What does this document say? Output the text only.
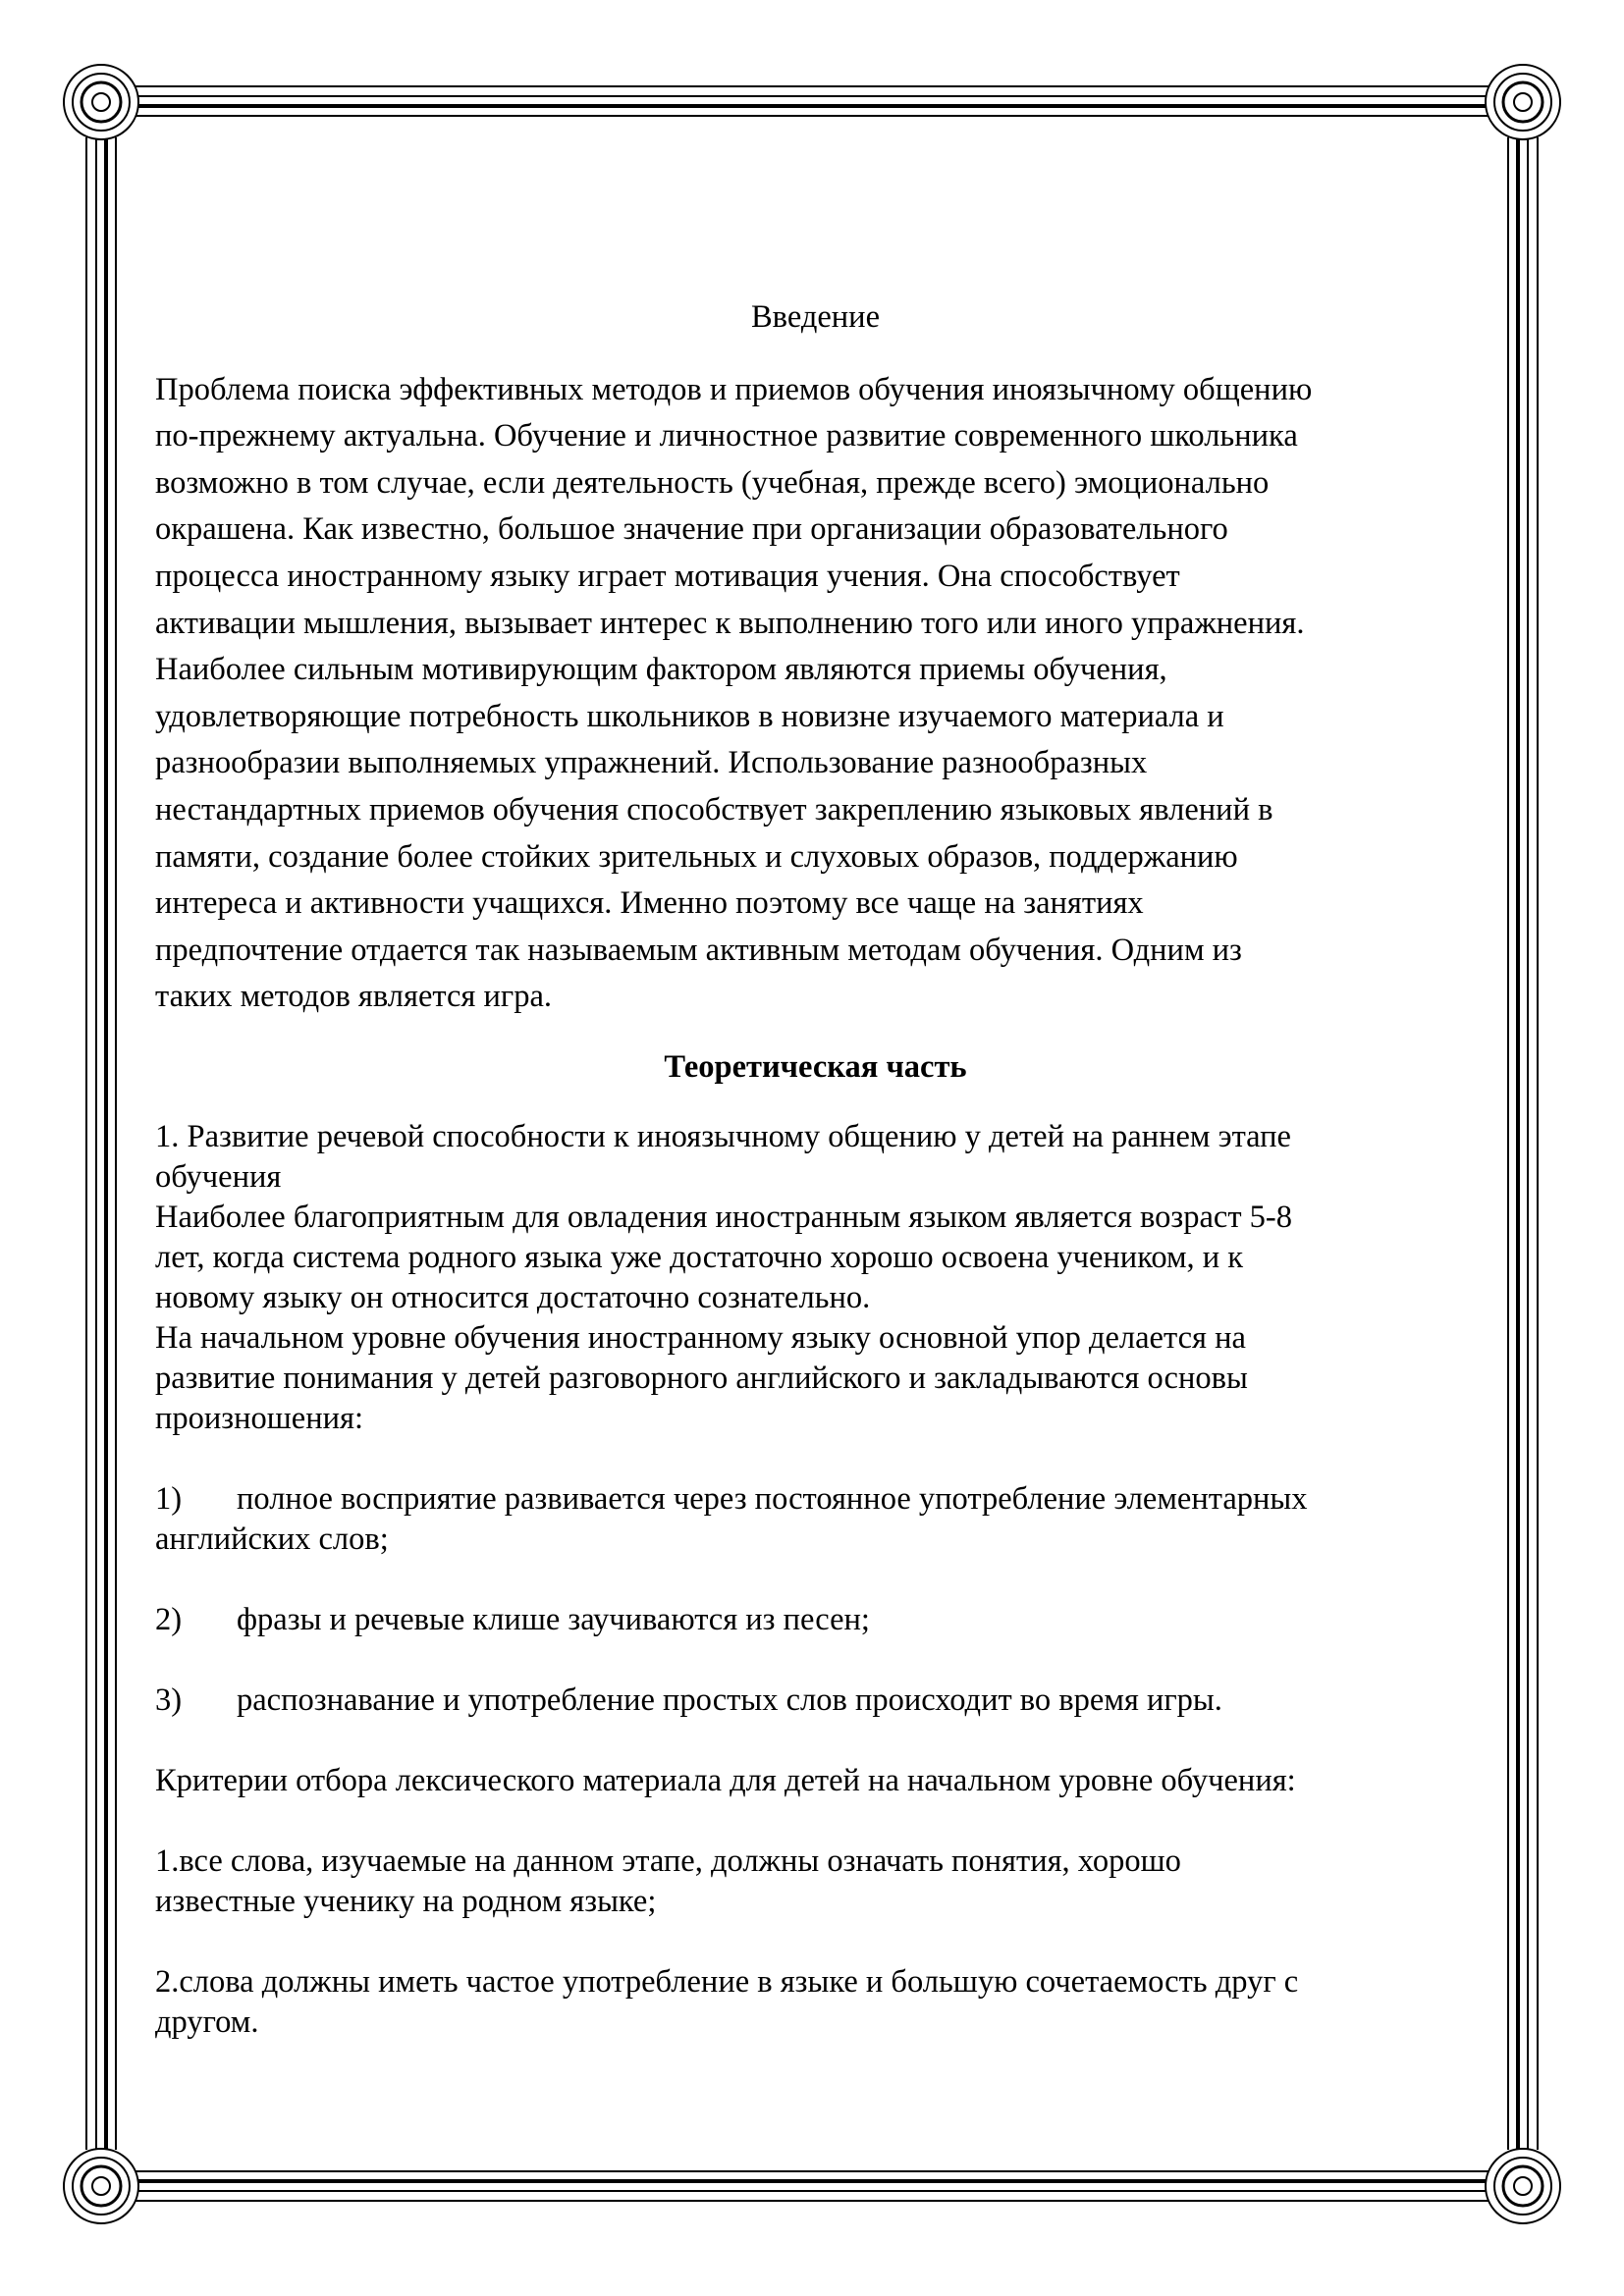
Введение

Проблема поиска эффективных методов и приемов обучения иноязычному общению
по-прежнему актуальна. Обучение и личностное развитие современного школьника
возможно в том случае, если деятельность (учебная, прежде всего) эмоционально
окрашена. Как известно, большое значение при организации образовательного
процесса иностранному языку играет мотивация учения. Она способствует
активации мышления, вызывает интерес к выполнению того или иного упражнения.
Наиболее сильным мотивирующим фактором являются приемы обучения,
удовлетворяющие потребность школьников в новизне изучаемого материала и
разнообразии выполняемых упражнений. Использование разнообразных
нестандартных приемов обучения способствует закреплению языковых явлений в
памяти, создание более стойких зрительных и слуховых образов, поддержанию
интереса и активности учащихся. Именно поэтому все чаще на занятиях
предпочтение отдается так называемым активным методам обучения. Одним из
таких методов является игра.

Теоретическая часть

1. Развитие речевой способности к иноязычному общению у детей на раннем этапе
обучения
Наиболее благоприятным для овладения иностранным языком является возраст 5-8
лет, когда система родного языка уже достаточно хорошо освоена учеником, и к
новому языку он относится достаточно сознательно.
На начальном уровне обучения иностранному языку основной упор делается на
развитие понимания у детей разговорного английского и закладываются основы
произношения:

1)	полное восприятие развивается через постоянное употребление элементарных
английских слов;
2)	фразы и речевые клише заучиваются из песен;
3)	распознавание и употребление простых слов происходит во время игры.

Критерии отбора лексического материала для детей на начальном уровне обучения:

1.все слова, изучаемые на данном этапе, должны означать понятия, хорошо
известные ученику на родном языке;

2.слова должны иметь частое употребление в языке и большую сочетаемость друг с
другом.
